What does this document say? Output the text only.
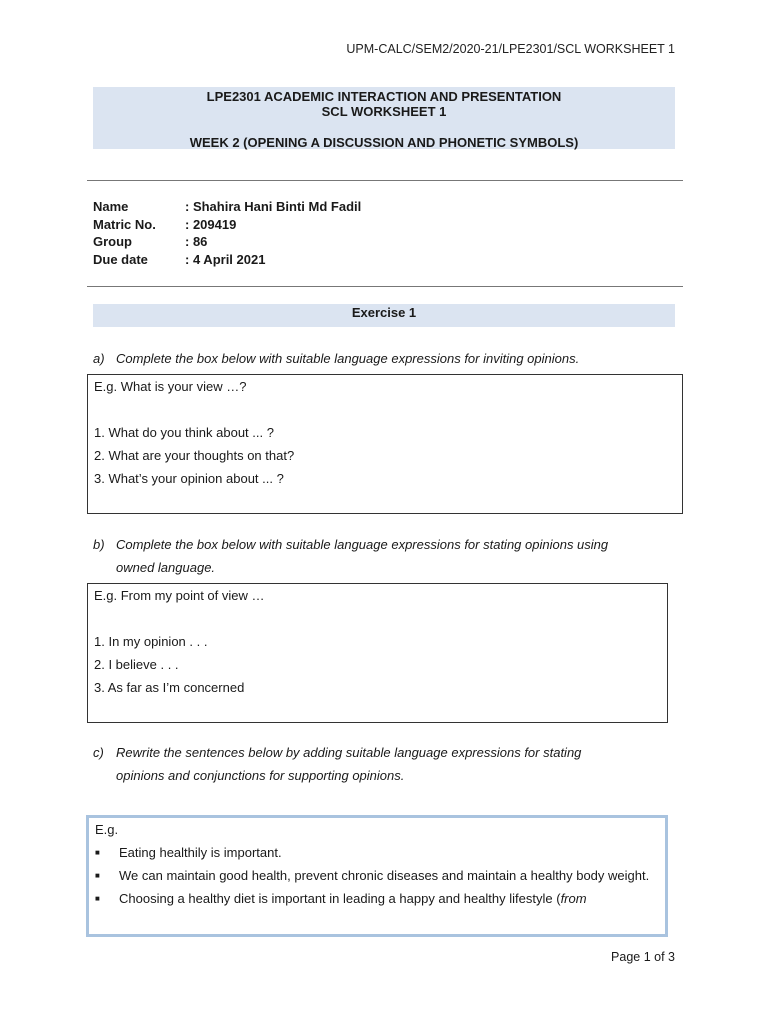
UPM-CALC/SEM2/2020-21/LPE2301/SCL WORKSHEET 1
LPE2301 ACADEMIC INTERACTION AND PRESENTATION
SCL WORKSHEET 1
WEEK 2 (OPENING A DISCUSSION AND PHONETIC SYMBOLS)
Name	: Shahira Hani Binti Md Fadil
Matric No.	: 209419
Group	: 86
Due date	: 4 April 2021
Exercise 1
a) Complete the box below with suitable language expressions for inviting opinions.
E.g. What is your view …?
1. What do you think about ... ?
2. What are your thoughts on that?
3. What’s your opinion about ... ?
b) Complete the box below with suitable language expressions for stating opinions using
owned language.
E.g. From my point of view …
1. In my opinion . . .
2. I believe . . .
3. As far as I’m concerned
c) Rewrite the sentences below by adding suitable language expressions for stating
opinions and conjunctions for supporting opinions.
E.g.
■	Eating healthily is important.
■	We can maintain good health, prevent chronic diseases and maintain a healthy body weight.
■	Choosing a healthy diet is important in leading a happy and healthy lifestyle (from
Page 1 of 3
